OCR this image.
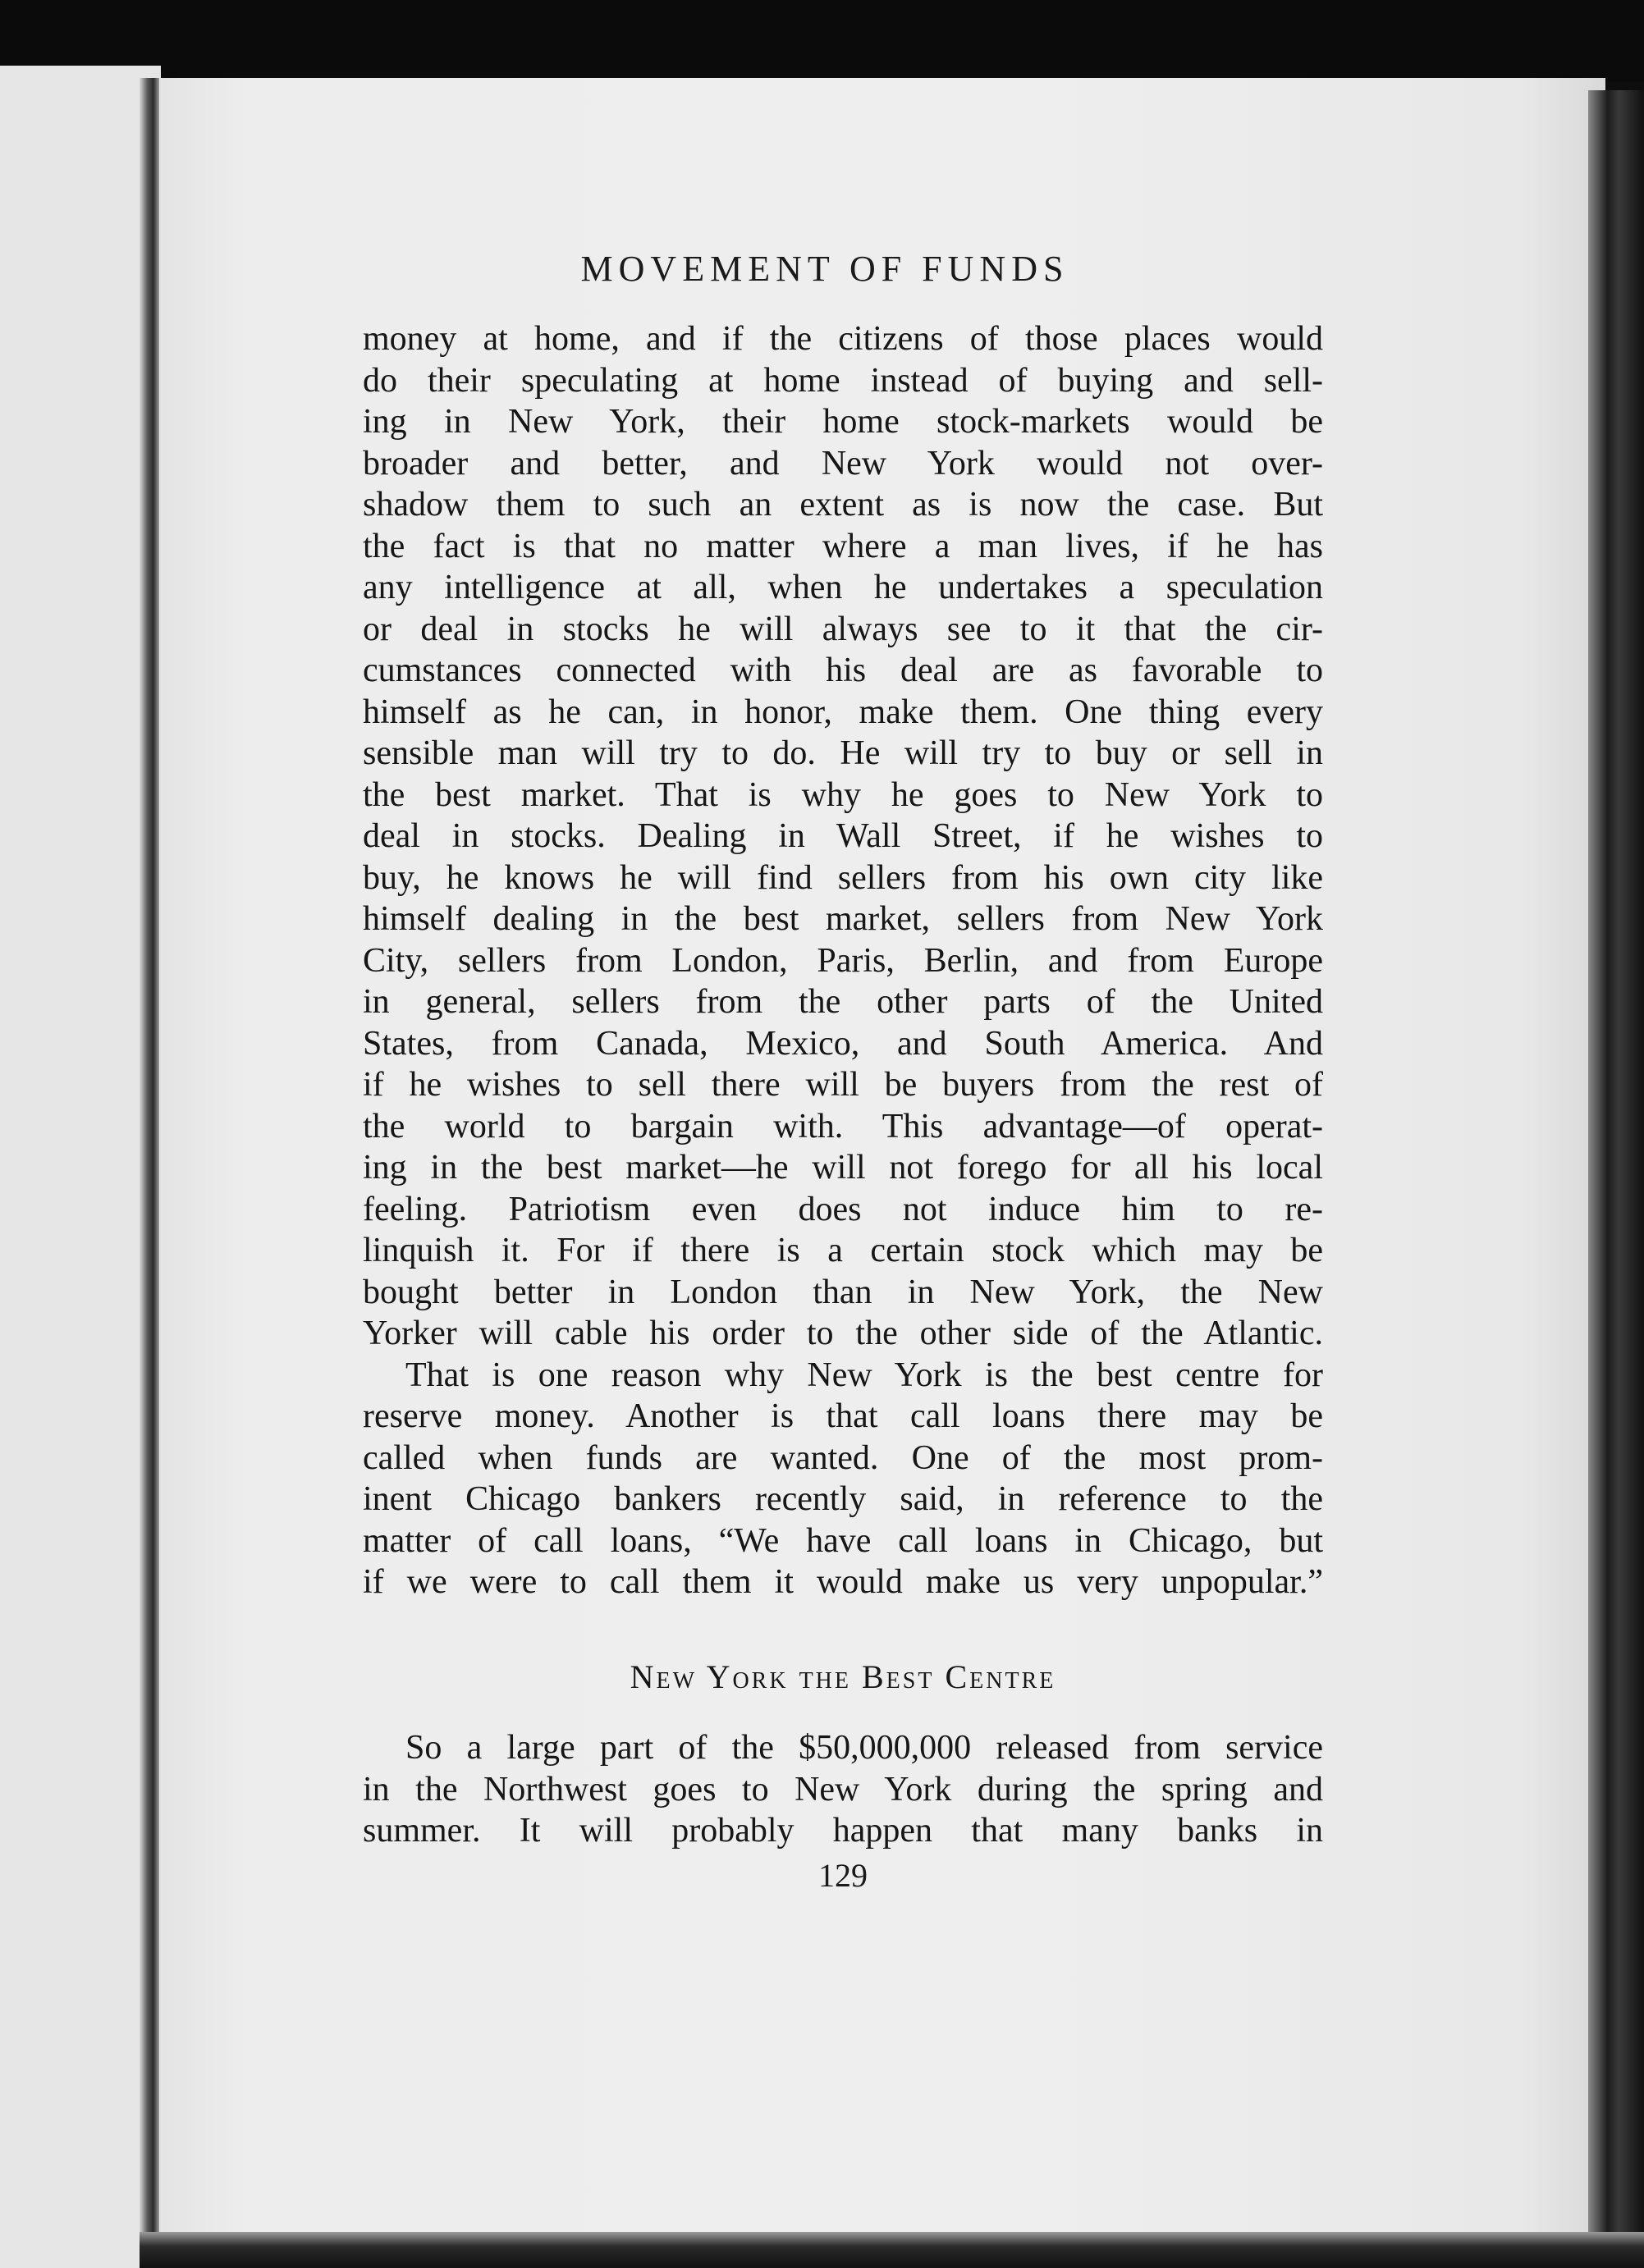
MOVEMENT OF FUNDS
money at home, and if the citizens of those places would
do their speculating at home instead of buying and sell-
ing in New York, their home stock-markets would be
broader and better, and New York would not over-
shadow them to such an extent as is now the case. But
the fact is that no matter where a man lives, if he has
any intelligence at all, when he undertakes a speculation
or deal in stocks he will always see to it that the cir-
cumstances connected with his deal are as favorable to
himself as he can, in honor, make them. One thing every
sensible man will try to do. He will try to buy or sell in
the best market. That is why he goes to New York to
deal in stocks. Dealing in Wall Street, if he wishes to
buy, he knows he will find sellers from his own city like
himself dealing in the best market, sellers from New York
City, sellers from London, Paris, Berlin, and from Europe
in general, sellers from the other parts of the United
States, from Canada, Mexico, and South America. And
if he wishes to sell there will be buyers from the rest of
the world to bargain with. This advantage—of operat-
ing in the best market—he will not forego for all his local
feeling. Patriotism even does not induce him to re-
linquish it. For if there is a certain stock which may be
bought better in London than in New York, the New
Yorker will cable his order to the other side of the Atlantic.
That is one reason why New York is the best centre for
reserve money. Another is that call loans there may be
called when funds are wanted. One of the most prom-
inent Chicago bankers recently said, in reference to the
matter of call loans, “We have call loans in Chicago, but
if we were to call them it would make us very unpopular.”
New York the Best Centre
So a large part of the $50,000,000 released from service
in the Northwest goes to New York during the spring and
summer. It will probably happen that many banks in
129
